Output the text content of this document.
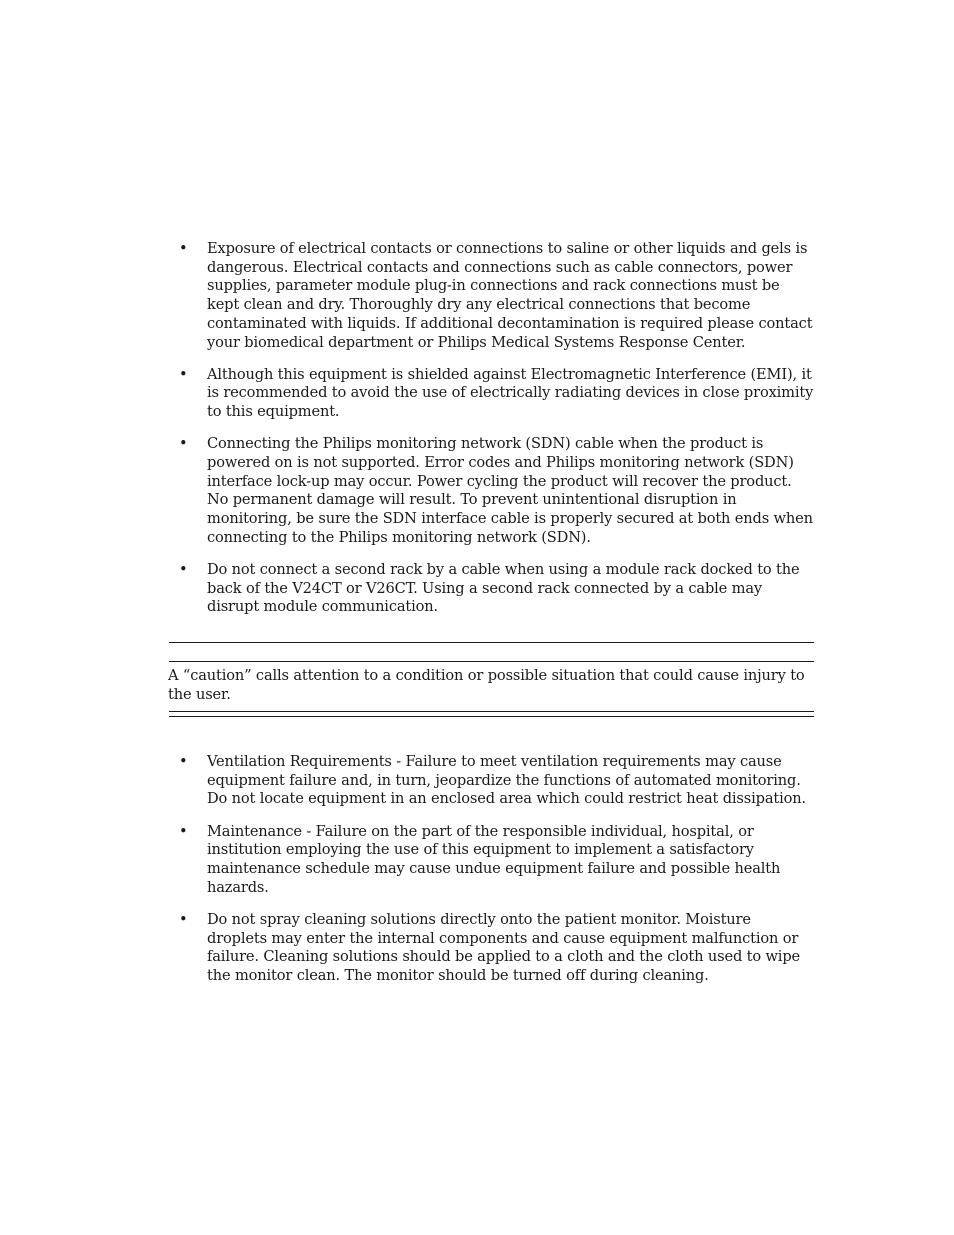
• Exposure of electrical contacts or connections to saline or other liquids and gels is dangerous. Electrical contacts and connections such as cable connectors, power supplies, parameter module plug-in connections and rack connections must be kept clean and dry. Thoroughly dry any electrical connections that become contaminated with liquids. If additional decontamination is required please contact your biomedical department or Philips Medical Systems Response Center.
• Although this equipment is shielded against Electromagnetic Interference (EMI), it is recommended to avoid the use of electrically radiating devices in close proximity to this equipment.
• Connecting the Philips monitoring network (SDN) cable when the product is powered on is not supported. Error codes and Philips monitoring network (SDN) interface lock-up may occur. Power cycling the product will recover the product. No permanent damage will result. To prevent unintentional disruption in monitoring, be sure the SDN interface cable is properly secured at both ends when connecting to the Philips monitoring network (SDN).
• Do not connect a second rack by a cable when using a module rack docked to the back of the V24CT or V26CT. Using a second rack connected by a cable may disrupt module communication.

A “caution” calls attention to a condition or possible situation that could cause injury to the user.

• Ventilation Requirements - Failure to meet ventilation requirements may cause equipment failure and, in turn, jeopardize the functions of automated monitoring. Do not locate equipment in an enclosed area which could restrict heat dissipation.
• Maintenance - Failure on the part of the responsible individual, hospital, or institution employing the use of this equipment to implement a satisfactory maintenance schedule may cause undue equipment failure and possible health hazards.
• Do not spray cleaning solutions directly onto the patient monitor. Moisture droplets may enter the internal components and cause equipment malfunction or failure. Cleaning solutions should be applied to a cloth and the cloth used to wipe the monitor clean. The monitor should be turned off during cleaning.
